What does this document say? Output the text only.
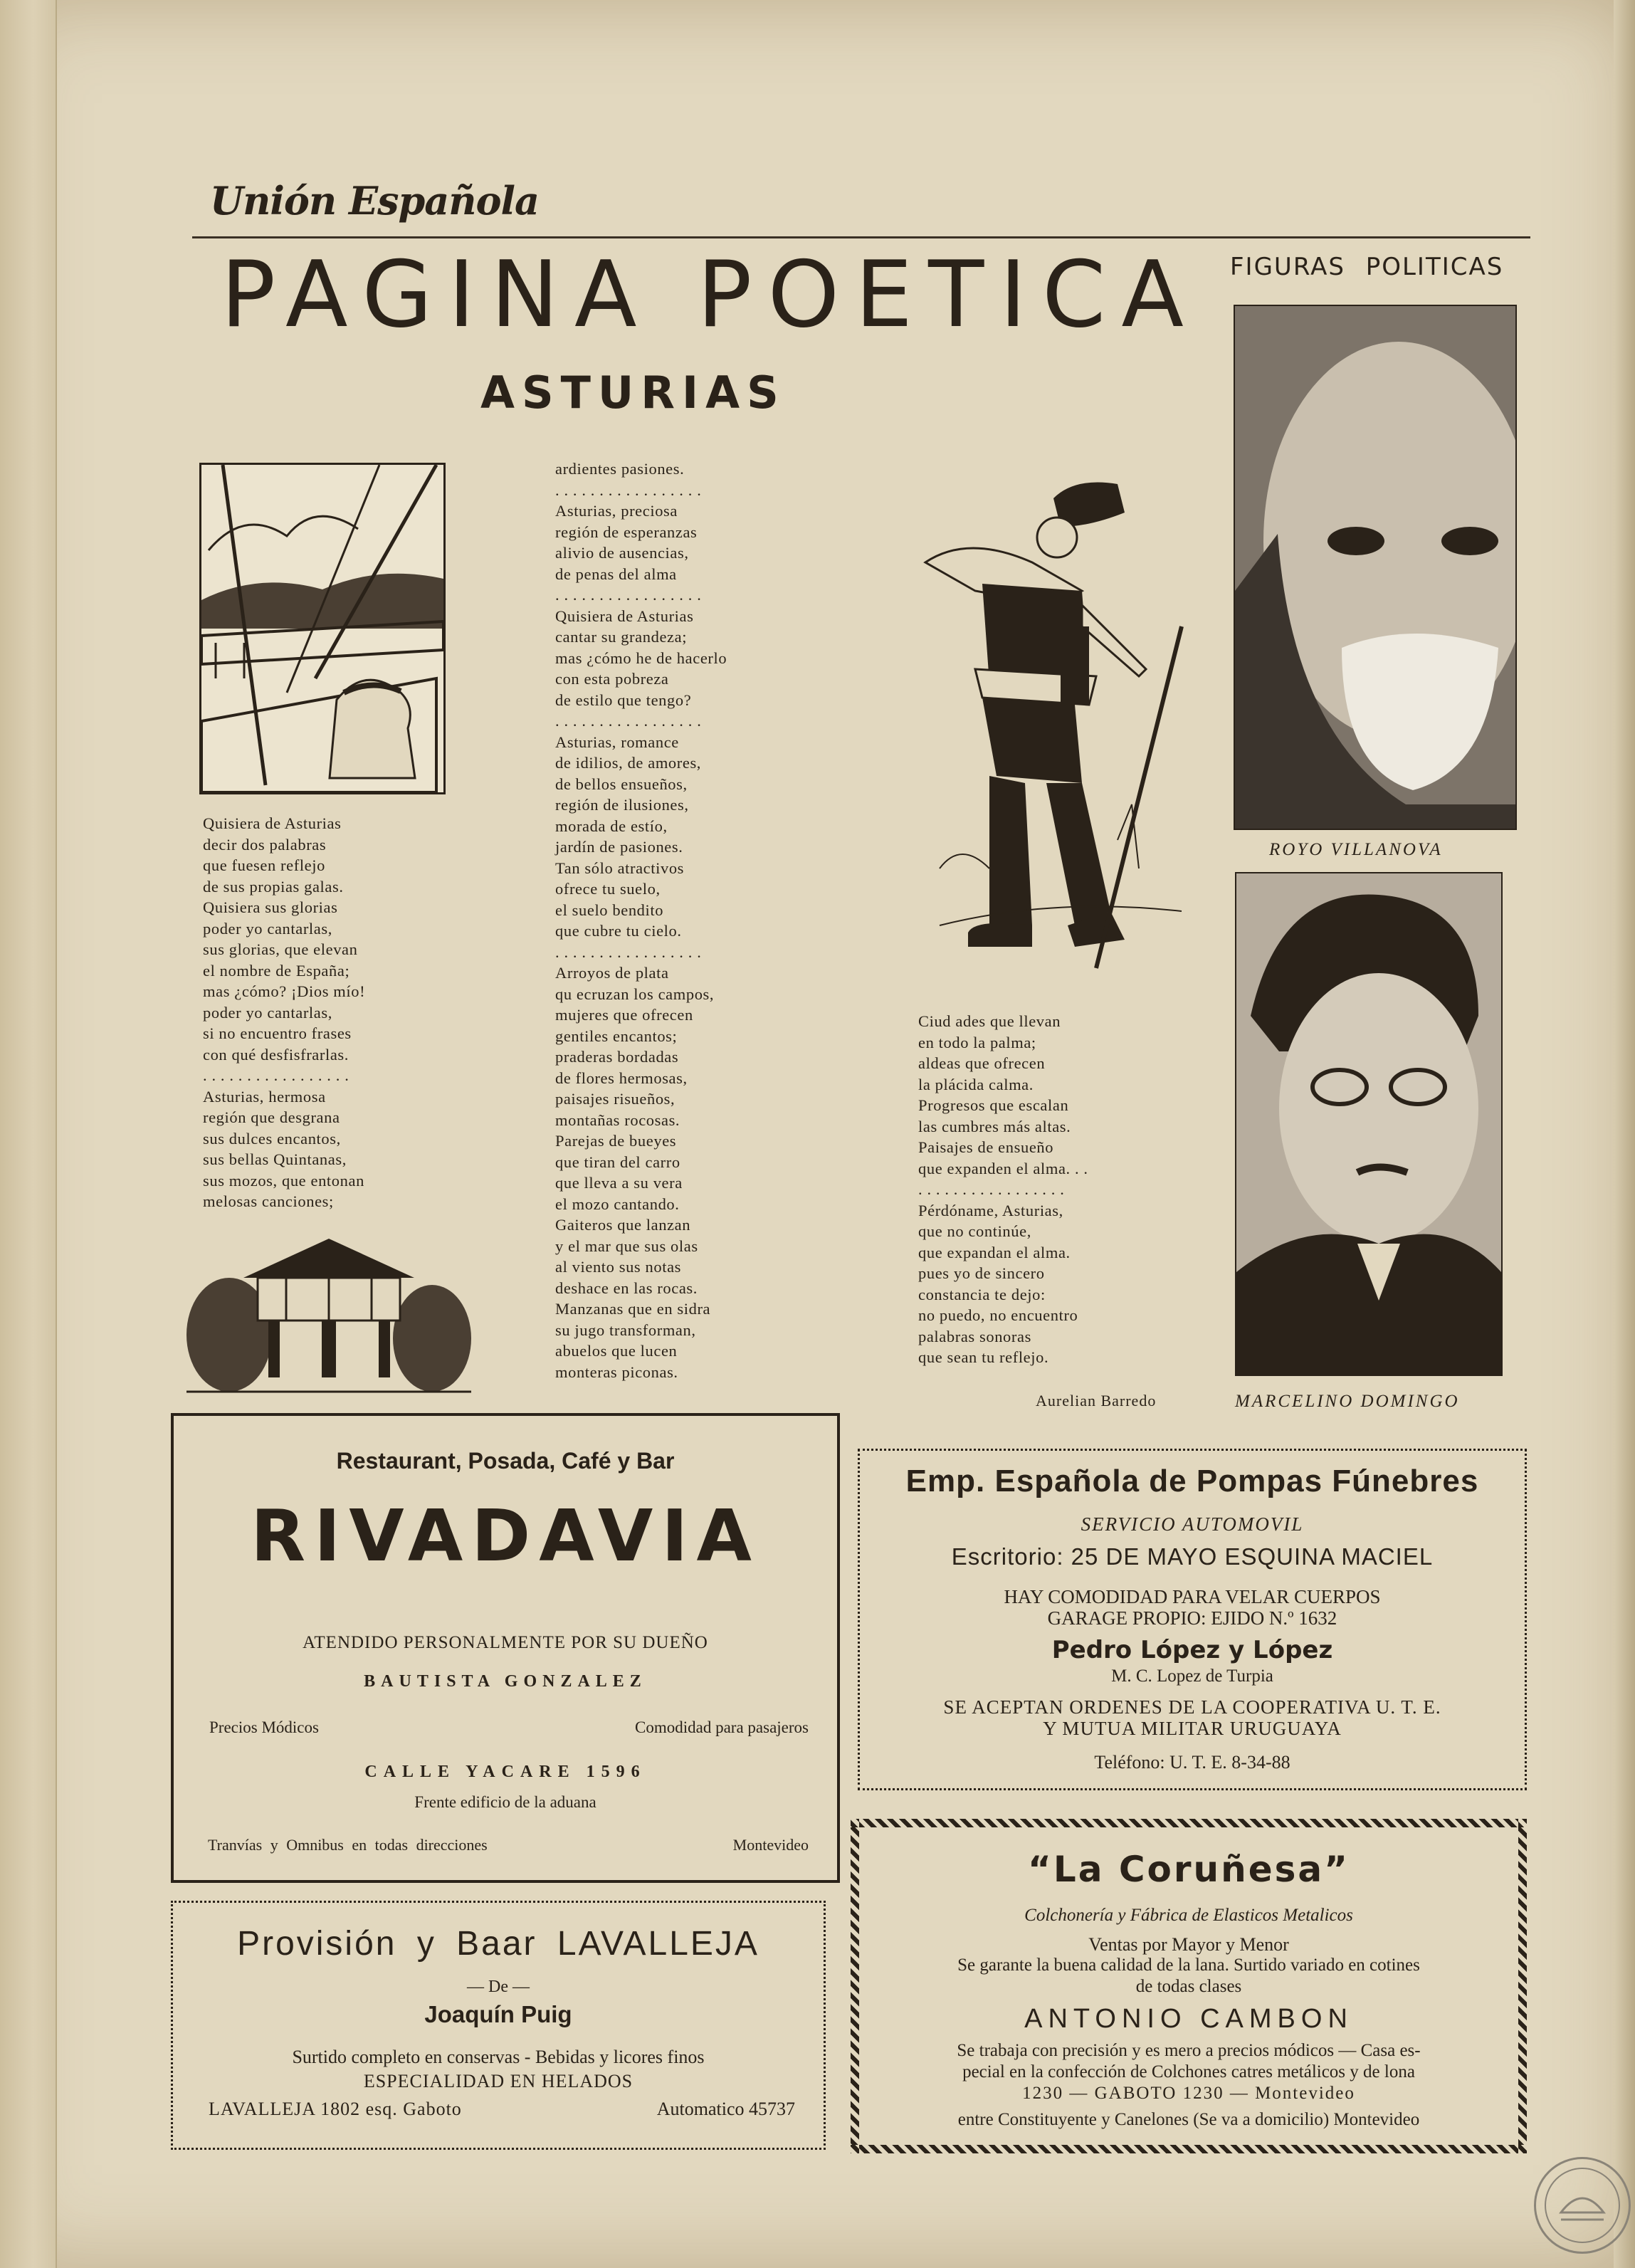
Unión Española
PAGINA POETICA
ASTURIAS
FIGURAS POLITICAS
Quisiera de Asturias
decir dos palabras
que fuesen reflejo
de sus propias galas.
Quisiera sus glorias
poder yo cantarlas,
sus glorias, que elevan
el nombre de España;
mas ¿cómo? ¡Dios mío!
poder yo cantarlas,
si no encuentro frases
con qué desfisfrarlas.
. . . . . . . . . . . . . . . . .
Asturias, hermosa
región que desgrana
sus dulces encantos,
sus bellas Quintanas,
sus mozos, que entonan
melosas canciones;
ardientes pasiones.
. . . . . . . . . . . . . . . . .
Asturias, preciosa
región de esperanzas
alivio de ausencias,
de penas del alma
. . . . . . . . . . . . . . . . .
Quisiera de Asturias
cantar su grandeza;
mas ¿cómo he de hacerlo
con esta pobreza
de estilo que tengo?
. . . . . . . . . . . . . . . . .
Asturias, romance
de idilios, de amores,
de bellos ensueños,
región de ilusiones,
morada de estío,
jardín de pasiones.
Tan sólo atractivos
ofrece tu suelo,
el suelo bendito
que cubre tu cielo.
. . . . . . . . . . . . . . . . .
Arroyos de plata
qu ecruzan los campos,
mujeres que ofrecen
gentiles encantos;
praderas bordadas
de flores hermosas,
paisajes risueños,
montañas rocosas.
Parejas de bueyes
que tiran del carro
que lleva a su vera
el mozo cantando.
Gaiteros que lanzan
y el mar que sus olas
al viento sus notas
deshace en las rocas.
Manzanas que en sidra
su jugo transforman,
abuelos que lucen
monteras piconas.
Ciud ades que llevan
en todo la palma;
aldeas que ofrecen
la plácida calma.
Progresos que escalan
las cumbres más altas.
Paisajes de ensueño
que expanden el alma. . .
. . . . . . . . . . . . . . . . .
Pérdóname, Asturias,
que no continúe,
que expandan el alma.
pues yo de sincero
constancia te dejo:
no puedo, no encuentro
palabras sonoras
que sean tu reflejo.
Aurelian Barredo
ROYO VILLANOVA
MARCELINO DOMINGO
Restaurant, Posada, Café y Bar
RIVADAVIA
ATENDIDO PERSONALMENTE POR SU DUEÑO
BAUTISTA GONZALEZ
Precios Módicos	Comodidad para pasajeros
CALLE YACARE 1596
Frente edificio de la aduana
Tranvías y Omnibus en todas direcciones	Montevideo
Provisión y Baar LAVALLEJA
— De —
Joaquín Puig
Surtido completo en conservas - Bebidas y licores finos
ESPECIALIDAD EN HELADOS
LAVALLEJA 1802 esq. Gaboto	Automatico 45737
Emp. Española de Pompas Fúnebres
SERVICIO AUTOMOVIL
Escritorio: 25 DE MAYO ESQUINA MACIEL
HAY COMODIDAD PARA VELAR CUERPOS
GARAGE PROPIO: EJIDO N.º 1632
Pedro López y López
M. C. Lopez de Turpia
SE ACEPTAN ORDENES DE LA COOPERATIVA U. T. E.
Y MUTUA MILITAR URUGUAYA
Teléfono: U. T. E. 8-34-88
“La Coruñesa”
Colchonería y Fábrica de Elasticos Metalicos
Ventas por Mayor y Menor
Se garante la buena calidad de la lana. Surtido variado en cotines
de todas clases
ANTONIO CAMBON
Se trabaja con precisión y es mero a precios módicos — Casa es-
pecial en la confección de Colchones catres metálicos y de lona
1230 — GABOTO 1230 — Montevideo
entre Constituyente y Canelones (Se va a domicilio) Montevideo
